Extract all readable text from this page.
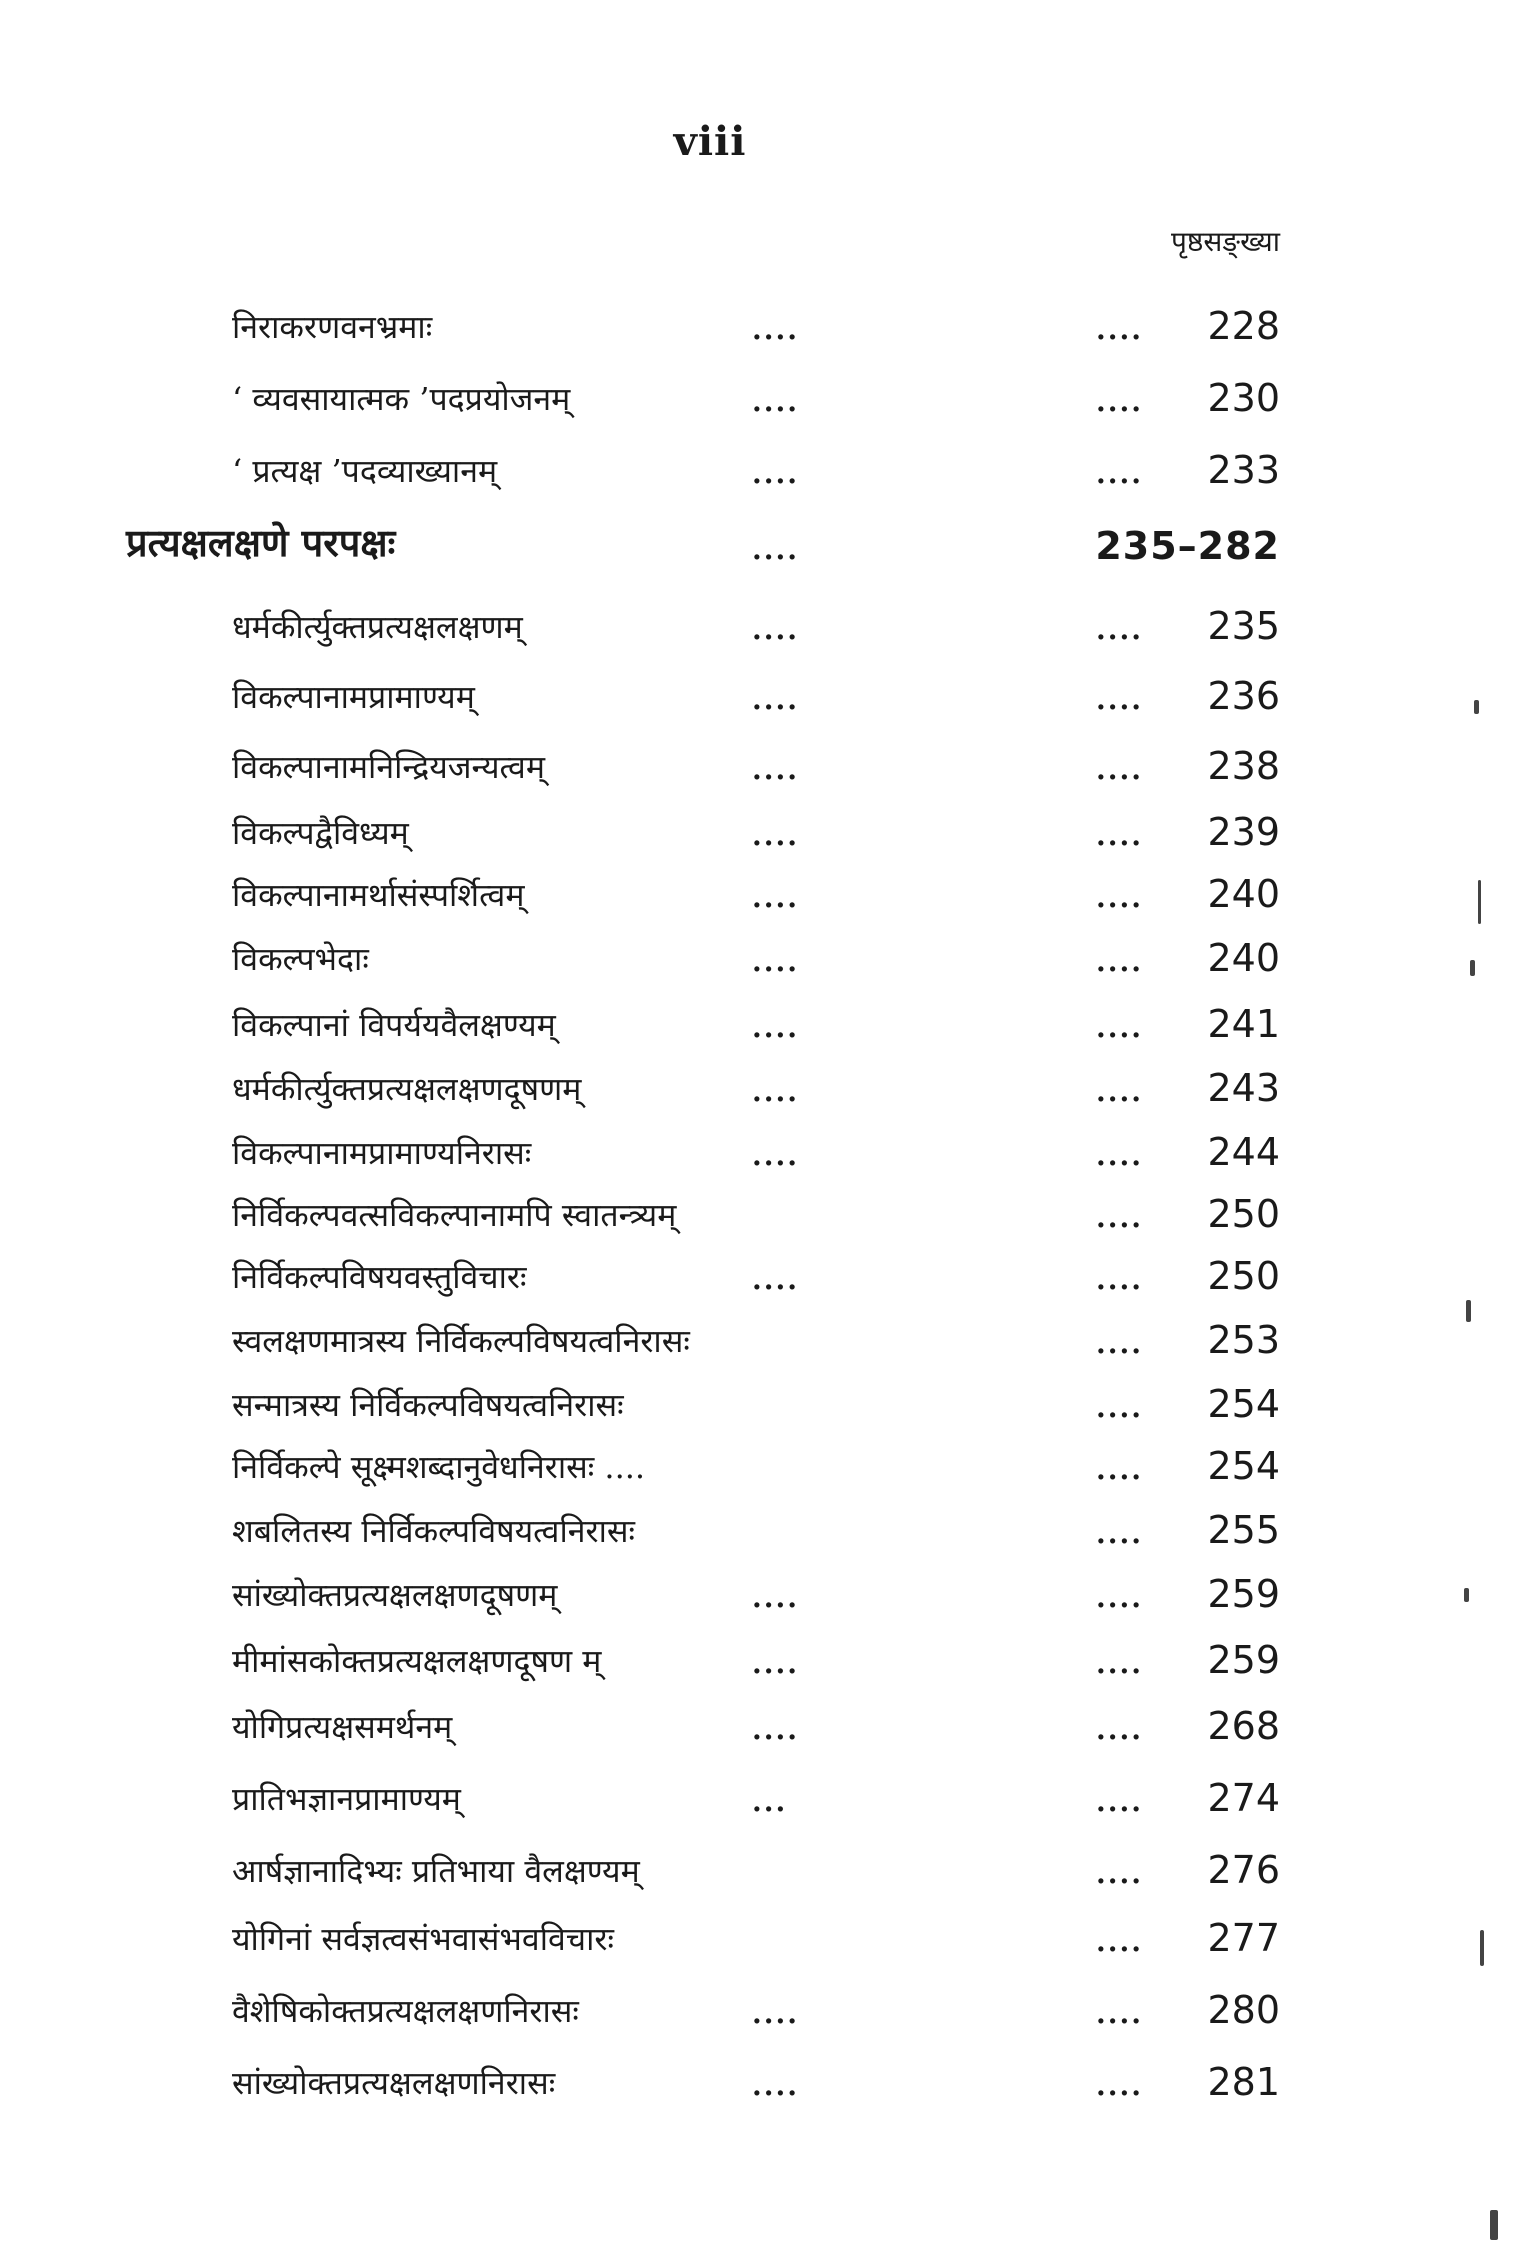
viii
पृष्ठसङ्ख्या
निराकरणवनभ्रमाः	....	.... 228
‘ व्यवसायात्मक ’पदप्रयोजनम्	....	.... 230
‘ प्रत्यक्ष ’पदव्याख्यानम्	....	.... 233
प्रत्यक्षलक्षणे परपक्षः	....	235–282
धर्मकीर्त्युक्तप्रत्यक्षलक्षणम्	....	.... 235
विकल्पानामप्रामाण्यम्	....	.... 236
विकल्पानामनिन्द्रियजन्यत्वम्	....	.... 238
विकल्पद्वैविध्यम्	....	.... 239
विकल्पानामर्थासंस्पर्शित्वम्	....	.... 240
विकल्पभेदाः	....	.... 240
विकल्पानां विपर्ययवैलक्षण्यम्	....	.... 241
धर्मकीर्त्युक्तप्रत्यक्षलक्षणदूषणम्	....	.... 243
विकल्पानामप्रामाण्यनिरासः	....	.... 244
निर्विकल्पवत्सविकल्पानामपि स्वातन्त्र्यम्	.... 250
निर्विकल्पविषयवस्तुविचारः	....	.... 250
स्वलक्षणमात्रस्य निर्विकल्पविषयत्वनिरासः	.... 253
सन्मात्रस्य निर्विकल्पविषयत्वनिरासः	.... 254
निर्विकल्पे सूक्ष्मशब्दानुवेधनिरासः ....	.... 254
शबलितस्य निर्विकल्पविषयत्वनिरासः	.... 255
सांख्योक्तप्रत्यक्षलक्षणदूषणम्	....	.... 259
मीमांसकोक्तप्रत्यक्षलक्षणदूषण म्	....	.... 259
योगिप्रत्यक्षसमर्थनम्	....	.... 268
प्रातिभज्ञानप्रामाण्यम्	...	.... 274
आर्षज्ञानादिभ्यः प्रतिभाया वैलक्षण्यम्	.... 276
योगिनां सर्वज्ञत्वसंभवासंभवविचारः	.... 277
वैशेषिकोक्तप्रत्यक्षलक्षणनिरासः	....	.... 280
सांख्योक्तप्रत्यक्षलक्षणनिरासः	....	.... 281
